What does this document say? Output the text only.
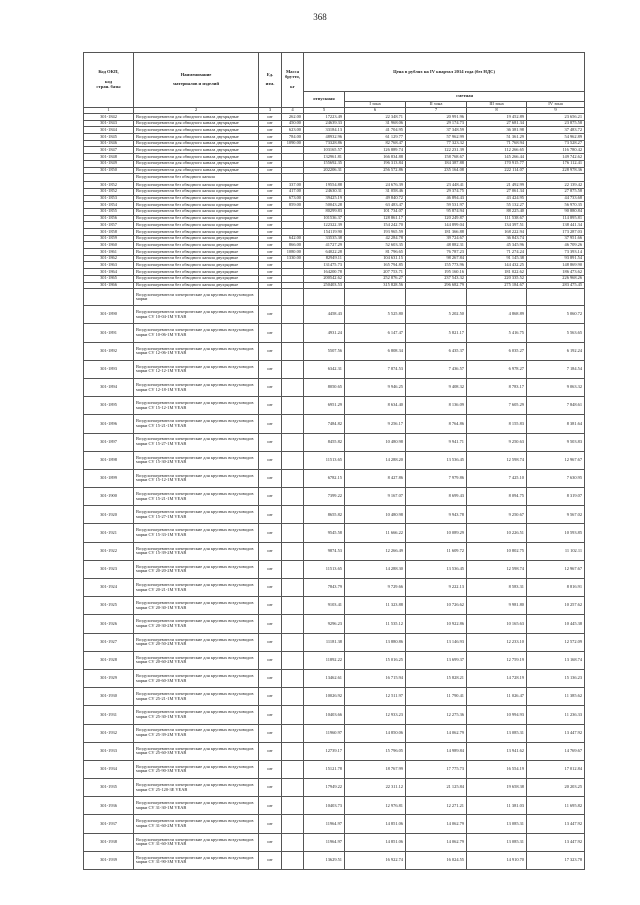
368
Код ОКП,

код
стран. базы	Наименование

материалов и изделий	Ед.

изм.	Масса
брутто,

кг	Цена в рублях на IV квартал 2014 года (без НДС)				
				отпускная	сметная			
					I зона	II зона	III зона	IV зона
1	2	3	4	5	6	7	8	9
301-1842	Воздухонагреватели для обводного канала двухрядные	шт	262.00	17223.49	22 348.71	20 991.96	19 452.89	23 656.21
301-1843	Воздухонагреватели для обводного канала двухрядные	шт	450.00	24639.33	31 968.06	29 174.73	27 681.34	23 875.58
301-1844	Воздухонагреватели для обводного канала двухрядные	шт	623.00	33184.13	41 704.95	37 348.59	36 381.98	37 483.72
301-1845	Воздухонагреватели для обводного канала двухрядные	шт	784.00	48932.96	61 129.77	57 962.99	51 361.29	54 962.89
301-1846	Воздухонагреватели для обводного канала двухрядные	шт	1090.00	73328.86	82 768.47	77 323.32	71 768.94	73 528.27
301-1847	Воздухонагреватели для обводного канала двухрядные	шт		103165.57	126 889.74	122 231.39	112 266.65	116 780.42
301-1848	Воздухонагреватели для обводного канала двухрядные	шт		132961.81	166 834.88	158 768.67	145 266.44	149 742.62
301-1849	Воздухонагреватели для обводного канала двухрядные	шт		155692.35	196 313.84	184 387.88	170 915.77	176 112.41
301-1850	Воздухонагреватели для обводного канала двухрядные	шт		202206.31	256 572.86	235 164.08	222 114.07	228 978.36
	Воздухонагреватели без обводного канала							
301-1852	Воздухонагреватели без обводного канала однорядные	шт	337.00	19554.88	24 676.39	23 448.41	21 492.99	22 139.42
301-1852	Воздухонагреватели без обводного канала однорядные	шт	417.00	24630.31	31 058.46	29 374.75	27 061.34	27 875.58
301-1853	Воздухонагреватели без обводного канала однорядные	шт	673.00	39425.19	49 840.72	46 894.43	43 424.95	44 733.68
301-1854	Воздухонагреватели без обводного канала однорядные	шт	859.00	50043.28	63 483.47	59 531.97	55 132.27	56 970.35
301-1855	Воздухонагреватели без обводного канала однорядные	шт		80299.83	101 734.07	95 874.94	88 225.40	90 880.84
301-1856	Воздухонагреватели без обводного канала однорядные	шт		101536.37	128 861.17	120 249.87	111 538.67	114 895.81
301-1857	Воздухонагреватели без обводного канала однорядные	шт		122322.39	154 242.70	144 899.04	134 397.51	138 441.34
301-1858	Воздухонагреватели без обводного канала однорядные	шт		154119.90	193 965.59	181 366.88	168 222.94	173 287.03
301-1859	Воздухонагреватели без обводного канала двухрядные	шт	642.00	33535.38	42 284.78	39 724.67	36 843.74	37 951.66
301-1860	Воздухонагреватели без обводного канала двухрядные	шт	866.00	41727.29	52 603.35	48 882.31	45 345.96	46 709.26
301-1861	Воздухонагреватели без обводного канала двухрядные	шт	1080.00	64022.28	81 796.65	76 787.23	71 274.24	73 393.14
301-1862	Воздухонагреватели без обводного канала двухрядные	шт	1330.00	82949.11	104 631.15	98 267.84	91 145.38	93 891.54
301-1863	Воздухонагреватели без обводного канала двухрядные	шт		131475.73	165 794.85	155 773.96	144 432.25	148 869.90
301-1864	Воздухонагреватели без обводного канала двухрядные	шт		164200.78	207 753.71	195 160.16	181 022.62	186 473.62
301-1865	Воздухонагреватели без обводного канала двухрядные	шт		200542.62	252 876.27	237 543.32	220 335.52	226 968.26
301-1866	Воздухонагреватели без обводного канала двухрядные	шт		250403.53	315 828.56	296 682.79	275 184.67	283 475.45
	Воздухонагреватели электрические для крупных воздуховодов марки							
301-1890	Воздухонагреватели электрические для крупных воздуховодов марки CV 10-04-1M VEAB	шт		4458.43	5 525.80	5 202.50	4 868.89	5 060.72
301-1891	Воздухонагреватели электрические для крупных воздуховодов марки CV 10-06-1M VEAB	шт		4931.24	6 147.47	5 821.17	5 416.75	5 563.65
301-1892	Воздухонагреватели электрические для крупных воздуховодов марки CV 12-06-1M VEAB	шт		5507.56	6 808.34	6 435.37	6 035.27	6 192.24
301-1893	Воздухонагреватели электрические для крупных воздуховодов марки CV 12-12-1M VEAB	шт		6342.31	7 874.53	7 436.57	6 978.27	7 184.54
301-1894	Воздухонагреватели электрические для крупных воздуховодов марки CV 12-18-1M VEAB	шт		8050.65	9 946.25	9 408.32	8 783.17	9 063.32
301-1895	Воздухонагреватели электрические для крупных воздуховодов марки CV 15-12-1M VEAB	шт		6951.29	8 634.40	8 136.09	7 605.29	7 848.61
301-1896	Воздухонагреватели электрические для крупных воздуховодов марки CV 15-21-1M VEAB	шт		7484.82	9 256.17	8 764.86	8 155.83	8 381.64
301-1897	Воздухонагреватели электрические для крупных воздуховодов марки CV 15-27-1M VEAB	шт		8455.82	10 480.98	9 941.71	9 250.63	9 503.83
301-1898	Воздухонагреватели электрические для крупных воздуховодов марки CV 15-30-2M VEAB	шт		11513.65	14 288.20	13 536.45	12 598.74	12 967.67
301-1899	Воздухонагреватели электрические для крупных воздуховодов марки CV 15-12-1M VEAB	шт		6782.15	8 427.86	7 979.86	7 425.10	7 630.95
301-1900	Воздухонагреватели электрические для крупных воздуховодов марки CV 15-21-1M VEAB	шт		7399.22	9 167.07	8 699.43	8 094.75	8 319.07
301-1920	Воздухонагреватели электрические для крупных воздуховодов марки CV 15-27-1M VEAB	шт		8655.82	10 480.98	9 943.78	9 250.67	9 567.02
301-1921	Воздухонагреватели электрические для крупных воздуховодов марки CV 15-33-1M VEAB	шт		9545.58	11 666.22	10 089.29	10 226.51	10 593.85
301-1922	Воздухонагреватели электрические для крупных воздуховодов марки CV 15-39-2M VEAB	шт		9874.53	12 266.49	11 609.72	10 802.75	11 102.11
301-1923	Воздухонагреватели электрические для крупных воздуховодов марки CV 20-20-2M VEAB	шт		11513.65	14 288.30	13 536.45	12 598.74	12 967.67
301-1924	Воздухонагреватели электрические для крупных воздуховодов марки CV 20-21-1M VEAB	шт		7843.79	9 729.66	9 222.13	8 583.31	8 816.91
301-1925	Воздухонагреватели электрические для крупных воздуховодов марки CV 20-30-1M VEAB	шт		9103.41	11 323.88	10 726.62	9 981.80	10 257.62
301-1926	Воздухонагреватели электрические для крупных воздуховодов марки CV 20-30-2M VEAB	шт		9296.23	11 535.12	10 922.86	10 165.63	10 445.38
301-1927	Воздухонагреватели электрические для крупных воздуховодов марки CV 20-50-2M VEAB	шт		11181.38	13 880.86	13 146.93	12 233.10	12 572.09
301-1928	Воздухонагреватели электрические для крупных воздуховодов марки CV 20-60-2M VEAB	шт		11892.22	15 016.25	13 699.37	12 759.19	13 168.74
301-1929	Воздухонагреватели электрические для крупных воздуховодов марки CV 20-60-3M VEAB	шт		13462.61	16 715.94	15 828.21	14 728.19	15 136.23
301-1930	Воздухонагреватели электрические для крупных воздуховодов марки CV 25-21-1M VEAB	шт		10026.92	12 511.97	11 790.41	11 026.47	11 385.62
301-1931	Воздухонагреватели электрические для крупных воздуховодов марки CV 25-30-1M VEAB	шт		10403.66	12 933.23	12 275.36	10 994.93	11 236.33
301-1932	Воздухонагреватели электрические для крупных воздуховодов марки CV 25-39-2M VEAB	шт		11960.97	14 850.06	14 062.79	13 085.31	13 447.92
301-1933	Воздухонагреватели электрические для крупных воздуховодов марки CV 25-60-3M VEAB	шт		12739.17	15 796.05	14 989.84	13 941.62	14 769.67
301-1934	Воздухонагреватели электрические для крупных воздуховодов марки CV 25-90-3M VEAB	шт		15121.78	18 767.99	17 775.73	16 554.19	17 012.84
301-1935	Воздухонагреватели электрические для крупных воздуховодов марки CV 25-120-3E VEAB	шт		17949.22	22 311.12	21 125.84	19 658.38	20 203.25
301-1936	Воздухонагреватели электрические для крупных воздуховодов марки CV 31-30-1M VEAB	шт		10403.73	12 976.81	12 271.21	11 381.03	11 695.82
301-1937	Воздухонагреватели электрические для крупных воздуховодов марки CV 31-60-2M VEAB	шт		11964.97	14 851.06	14 062.79	13 085.31	13 447.92
301-1938	Воздухонагреватели электрические для крупных воздуховодов марки CV 31-60-3M VEAB	шт		11964.97	14 851.06	14 062.79	13 085.31	13 447.92
301-1939	Воздухонагреватели электрические для крупных воздуховодов марки CV 31-90-3M VEAB	шт		13629.51	16 922.74	16 024.55	14 910.70	17 323.78
